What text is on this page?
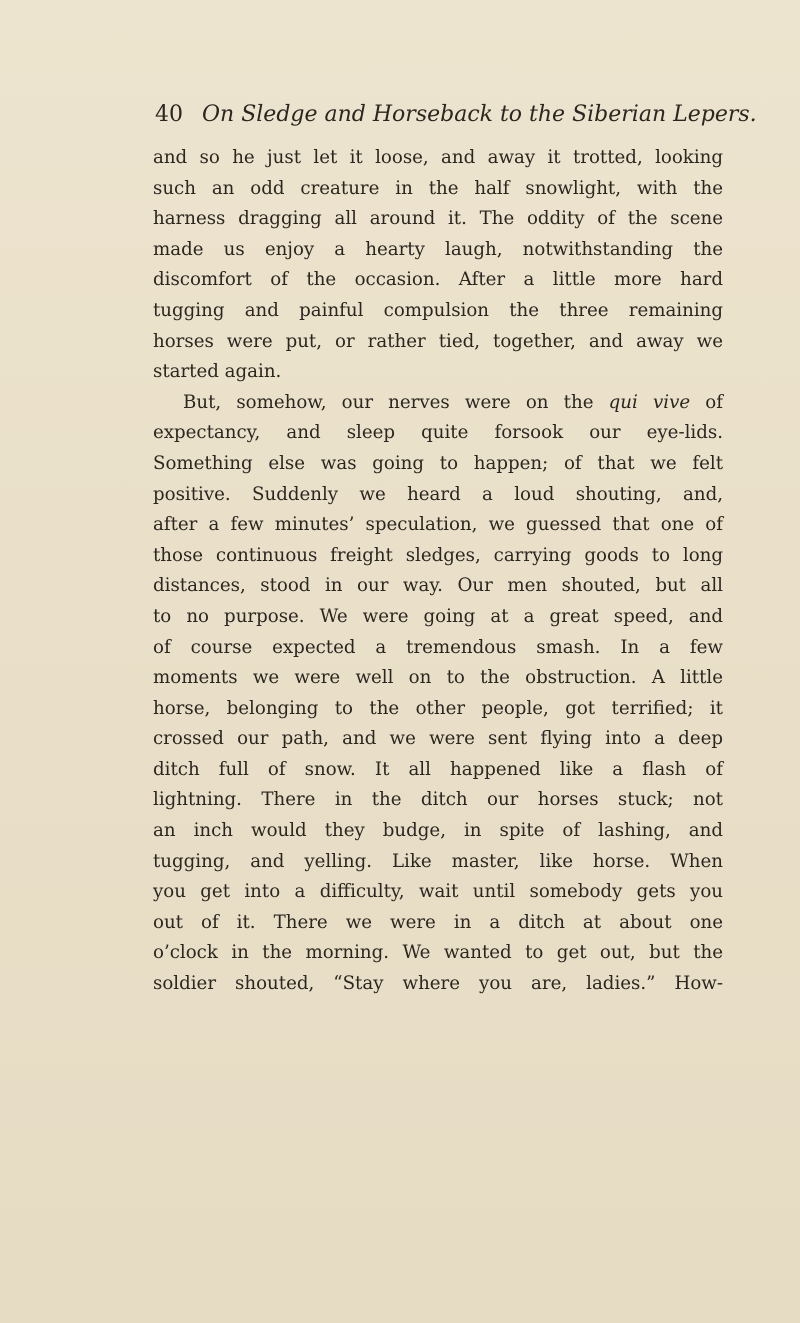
40 On Sledge and Horseback to the Siberian Lepers.
and so he just let it loose, and away it trotted, looking
such an odd creature in the half snowlight, with the
harness dragging all around it. The oddity of the scene
made us enjoy a hearty laugh, notwithstanding the
discomfort of the occasion. After a little more hard
tugging and painful compulsion the three remaining
horses were put, or rather tied, together, and away we
started again.
But, somehow, our nerves were on the qui vive of
expectancy, and sleep quite forsook our eye-lids.
Something else was going to happen; of that we felt
positive. Suddenly we heard a loud shouting, and,
after a few minutes’ speculation, we guessed that one of
those continuous freight sledges, carrying goods to long
distances, stood in our way. Our men shouted, but all
to no purpose. We were going at a great speed, and
of course expected a tremendous smash. In a few
moments we were well on to the obstruction. A little
horse, belonging to the other people, got terrified; it
crossed our path, and we were sent flying into a deep
ditch full of snow. It all happened like a flash of
lightning. There in the ditch our horses stuck; not
an inch would they budge, in spite of lashing, and
tugging, and yelling. Like master, like horse. When
you get into a difficulty, wait until somebody gets you
out of it. There we were in a ditch at about one
o’clock in the morning. We wanted to get out, but the
soldier shouted, “Stay where you are, ladies.” How-
